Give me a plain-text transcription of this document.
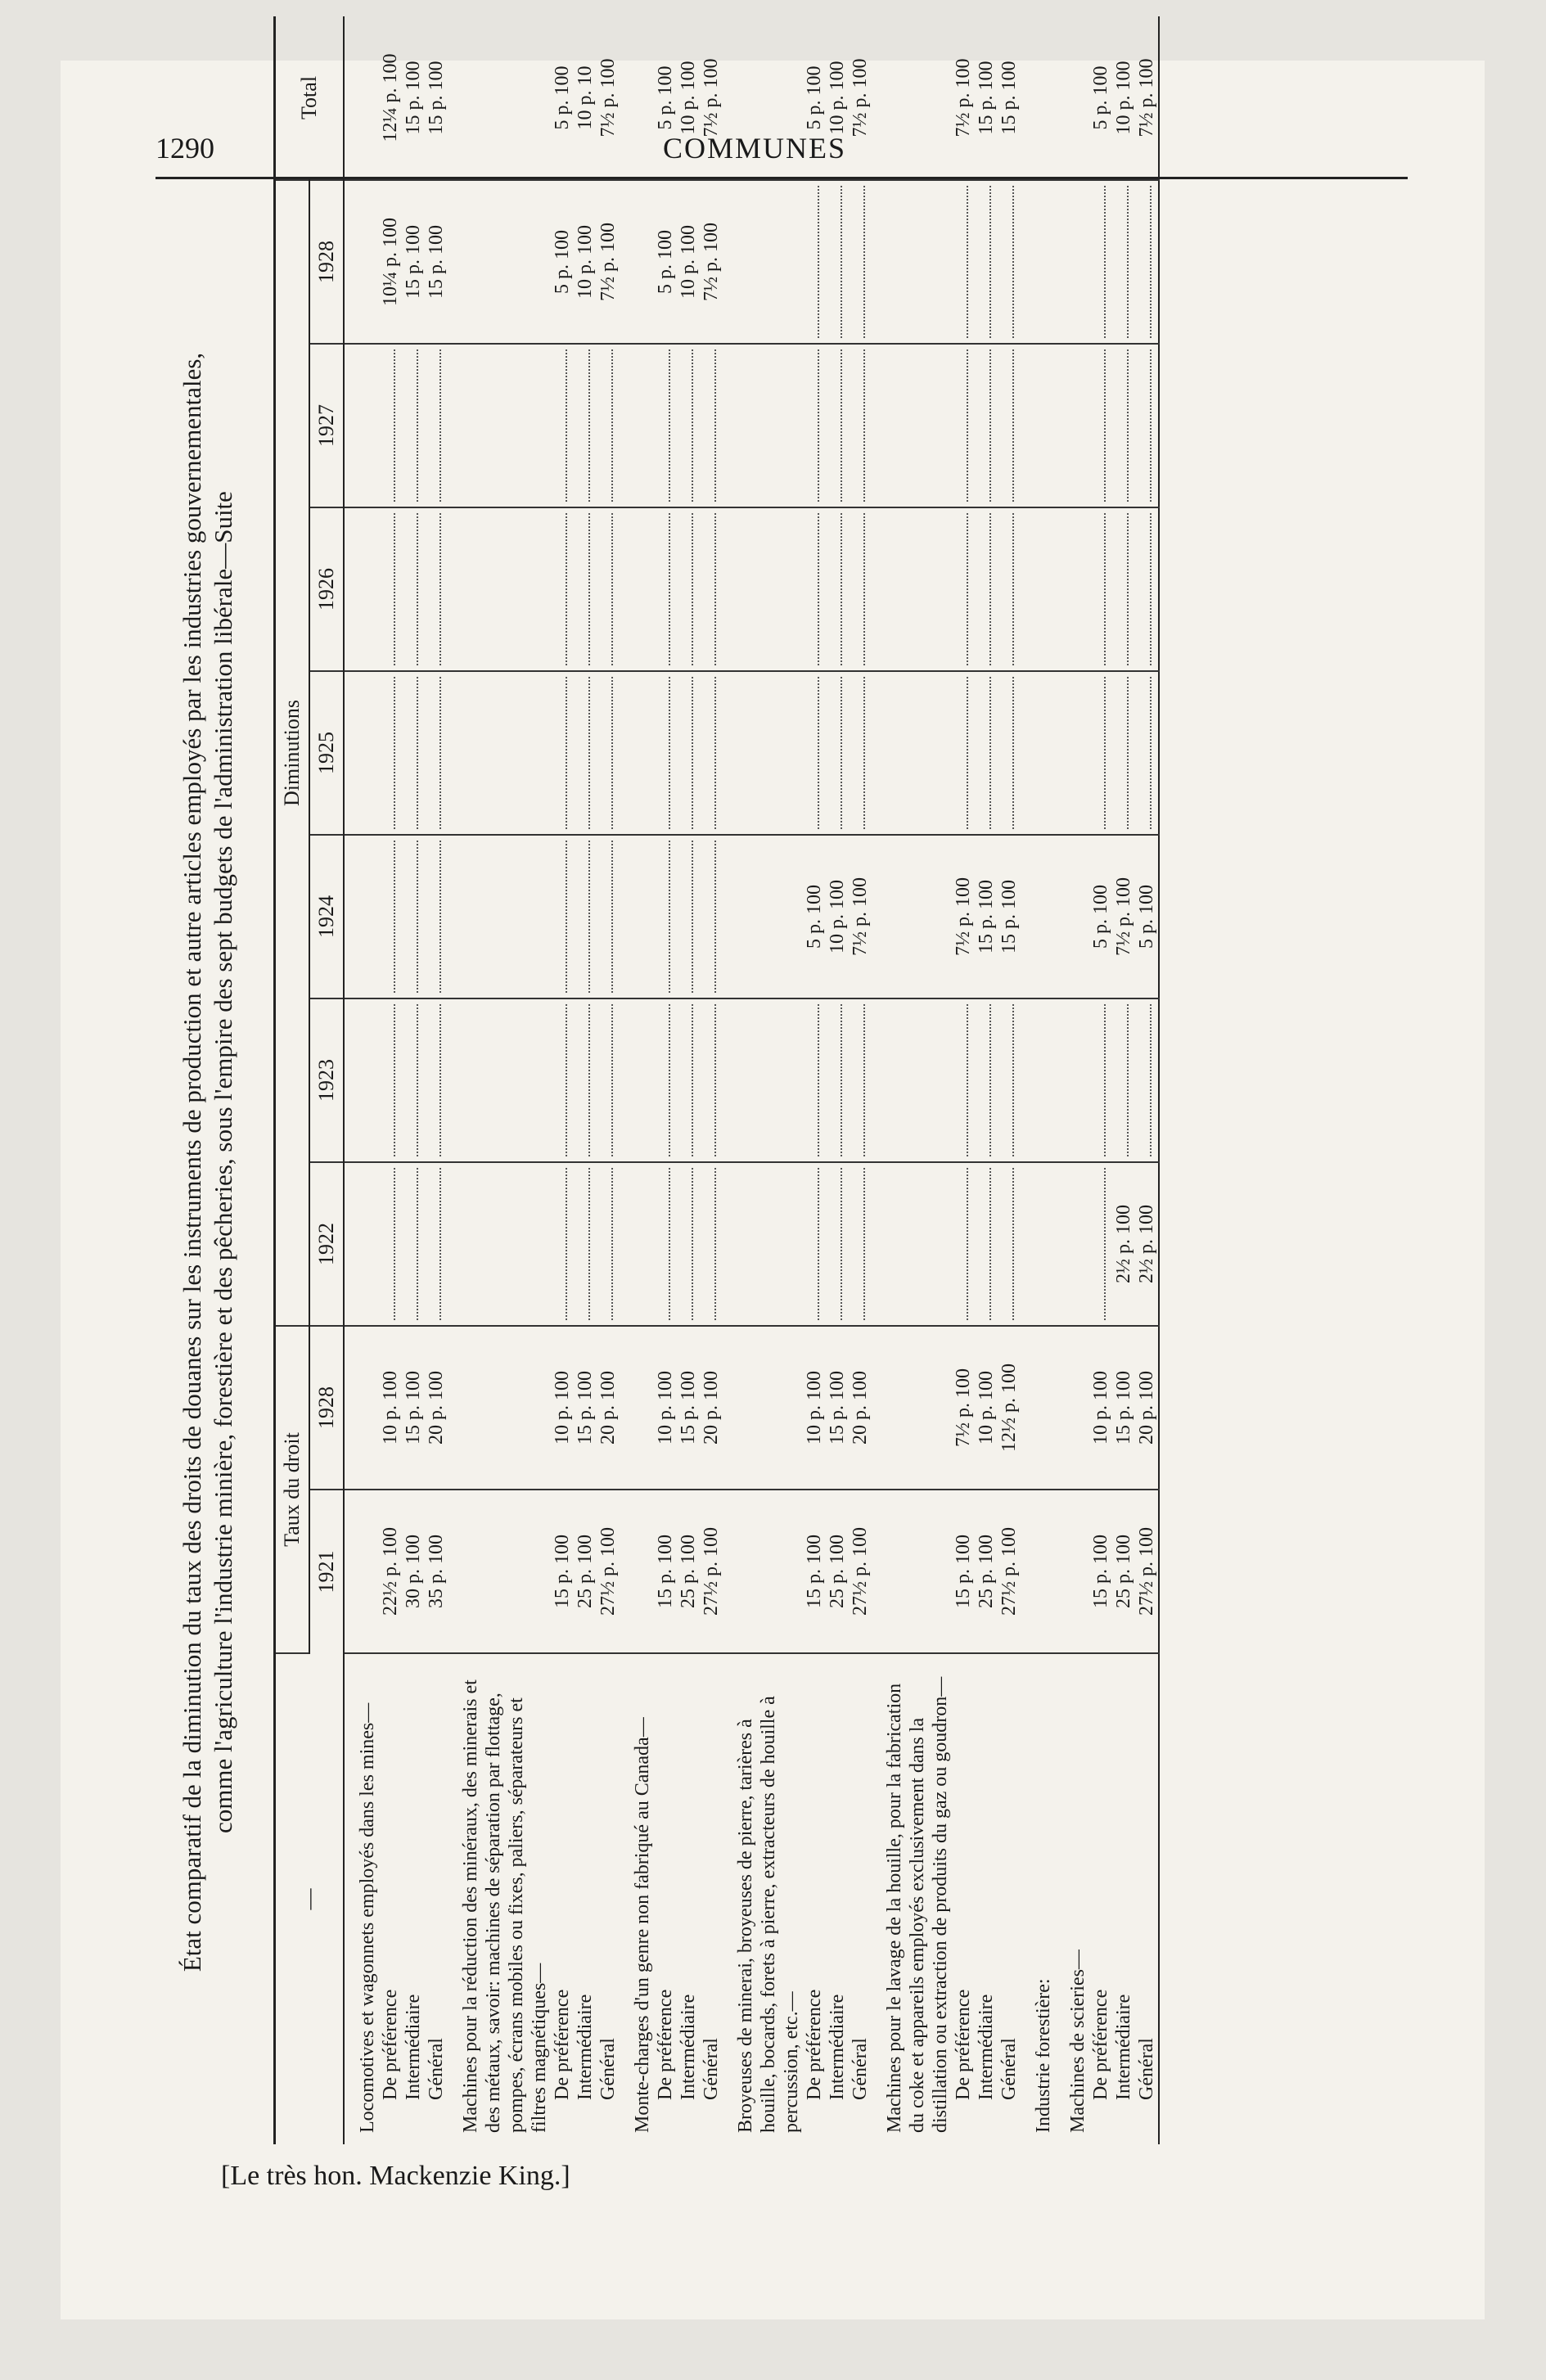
1290	COMMUNES
[Le très hon. Mackenzie King.]
État comparatif de la diminution du taux des droits de douanes sur les instruments de production et autre articles employés par les industries gouvernementales, comme l'agriculture l'industrie minière, forestière et des pêcheries, sous l'empire des sept budgets de l'administration libérale—Suite
—	Taux du droit		Diminutions							Total
	1921	1928	1922	1923	1924	1925	1926	1927	1928	
Locomotives et wagonnets employés dans les mines—										
De préférence	22½ p. 100	10 p. 100							10¼ p. 100	12¼ p. 100
Intermédiaire	30 p. 100	15 p. 100							15 p. 100	15 p. 100
Général	35 p. 100	20 p. 100							15 p. 100	15 p. 100
Machines pour la réduction des minéraux, des minerais et des métaux, savoir: machines de séparation par flottage, pompes, écrans mobiles ou fixes, paliers, séparateurs et filtres magnétiques—										
De préférence	15 p. 100	10 p. 100							5 p. 100	5 p. 100
Intermédiaire	25 p. 100	15 p. 100							10 p. 100	10 p. 10
Général	27½ p. 100	20 p. 100							7½ p. 100	7½ p. 100
Monte-charges d'un genre non fabriqué au Canada—										
De préférence	15 p. 100	10 p. 100							5 p. 100	5 p. 100
Intermédiaire	25 p. 100	15 p. 100							10 p. 100	10 p. 100
Général	27½ p. 100	20 p. 100							7½ p. 100	7½ p. 100
Broyeuses de minerai, broyeuses de pierre, tarières à houille, bocards, forets à pierre, extracteurs de houille à percussion, etc.—										
De préférence	15 p. 100	10 p. 100			5 p. 100					5 p. 100
Intermédiaire	25 p. 100	15 p. 100			10 p. 100					10 p. 100
Général	27½ p. 100	20 p. 100			7½ p. 100					7½ p. 100
Machines pour le lavage de la houille, pour la fabrication du coke et appareils employés exclusivement dans la distillation ou extraction de produits du gaz ou goudron—										
De préférence	15 p. 100	7½ p. 100			7½ p. 100					7½ p. 100
Intermédiaire	25 p. 100	10 p. 100			15 p. 100					15 p. 100
Général	27½ p. 100	12½ p. 100			15 p. 100					15 p. 100
Industrie forestière:										
Machines de scieries—										
De préférence	15 p. 100	10 p. 100			5 p. 100					5 p. 100
Intermédiaire	25 p. 100	15 p. 100	2½ p. 100		7½ p. 100					10 p. 100
Général	27½ p. 100	20 p. 100	2½ p. 100		5 p. 100					7½ p. 100
